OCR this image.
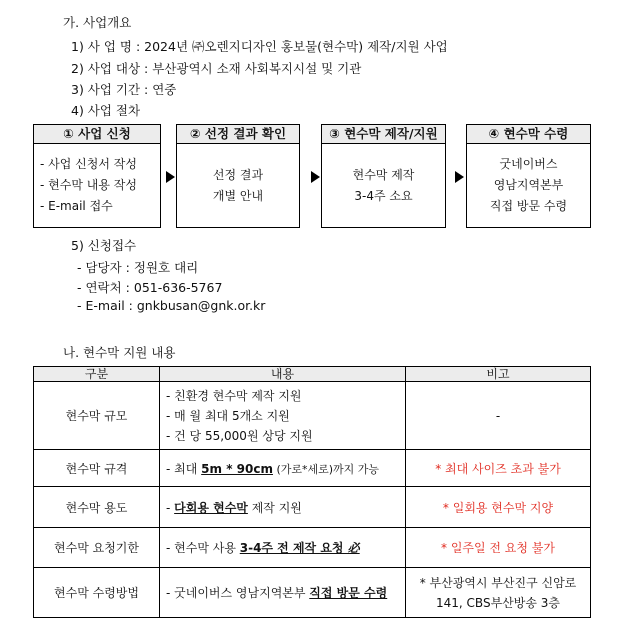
가. 사업개요
1) 사 업 명 : 2024년 ㈜오렌지디자인 홍보물(현수막) 제작/지원 사업
2) 사업 대상 : 부산광역시 소재 사회복지시설 및 기관
3) 사업 기간 : 연중
4) 사업 절차
① 사업 신청
- 사업 신청서 작성
- 현수막 내용 작성
- E-mail 접수
② 선정 결과 확인
선정 결과
개별 안내
③ 현수막 제작/지원
현수막 제작
3-4주 소요
④ 현수막 수령
굿네이버스
영남지역본부
직접 방문 수령
5) 신청접수
- 담당자 : 정원호 대리
- 연락처 : 051-636-5767
- E-mail : gnkbusan@gnk.or.kr
나. 현수막 지원 내용
구분	내용	비고
현수막 규모	- 친환경 현수막 제작 지원
- 매 월 최대 5개소 지원
- 건 당 55,000원 상당 지원	-
현수막 규격	- 최대 5m * 90cm (가로*세로)까지 가능	* 최대 사이즈 초과 불가
현수막 용도	- 다회용 현수막 제작 지원	* 일회용 현수막 지양
현수막 요청기한	- 현수막 사용 3-4주 전 제작 요청 必	* 일주일 전 요청 불가
현수막 수령방법	- 굿네이버스 영남지역본부 직접 방문 수령	* 부산광역시 부산진구 신암로
141, CBS부산방송 3층
